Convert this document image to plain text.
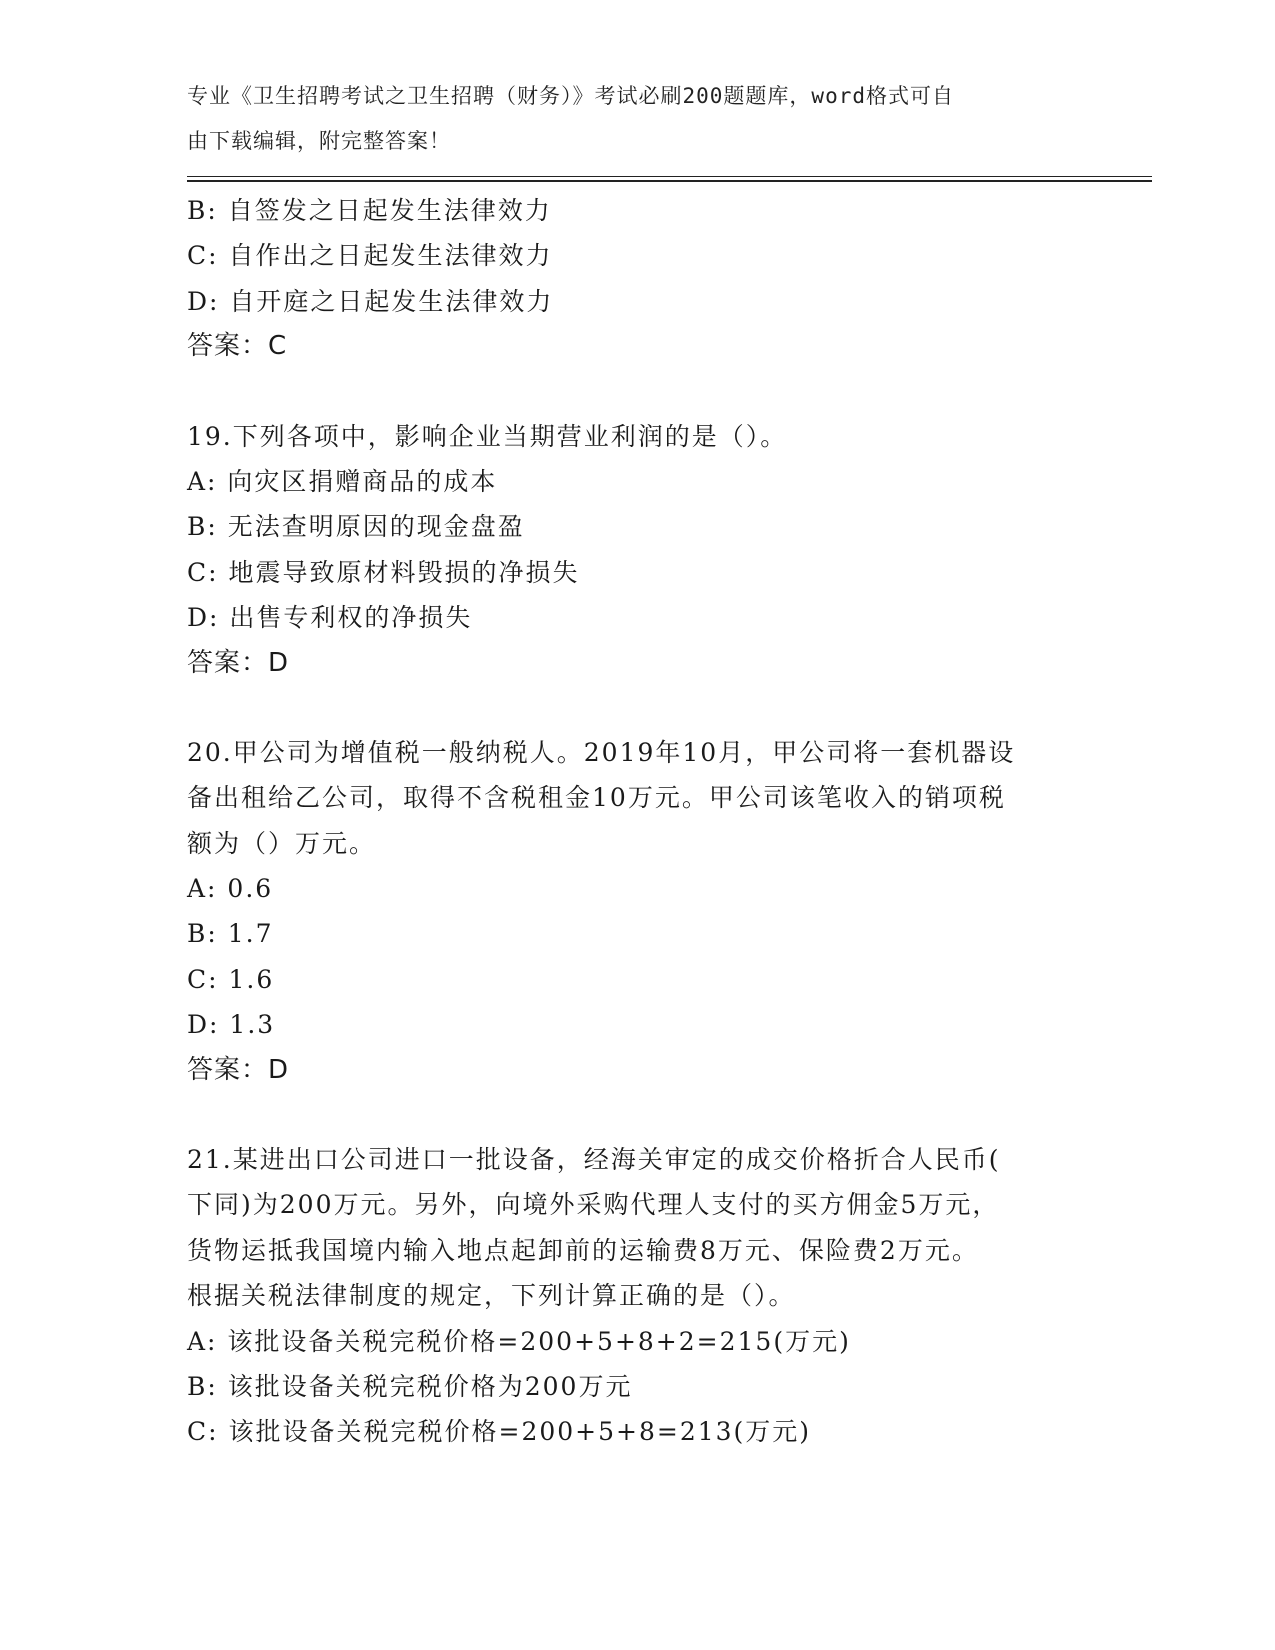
专业《卫生招聘考试之卫生招聘（财务）》考试必刷200题题库，word格式可自
由下载编辑，附完整答案！
B: 自签发之日起发生法律效力
C: 自作出之日起发生法律效力
D: 自开庭之日起发生法律效力
答案：C
19.下列各项中，影响企业当期营业利润的是（）。
A: 向灾区捐赠商品的成本
B: 无法查明原因的现金盘盈
C: 地震导致原材料毁损的净损失
D: 出售专利权的净损失
答案：D
20.甲公司为增值税一般纳税人。2019年10月，甲公司将一套机器设
备出租给乙公司，取得不含税租金10万元。甲公司该笔收入的销项税
额为（）万元。
A: 0.6
B: 1.7
C: 1.6
D: 1.3
答案：D
21.某进出口公司进口一批设备，经海关审定的成交价格折合人民币(
下同)为200万元。另外，向境外采购代理人支付的买方佣金5万元，
货物运抵我国境内输入地点起卸前的运输费8万元、保险费2万元。
根据关税法律制度的规定，下列计算正确的是（）。
A: 该批设备关税完税价格=200+5+8+2=215(万元)
B: 该批设备关税完税价格为200万元
C: 该批设备关税完税价格=200+5+8=213(万元)
